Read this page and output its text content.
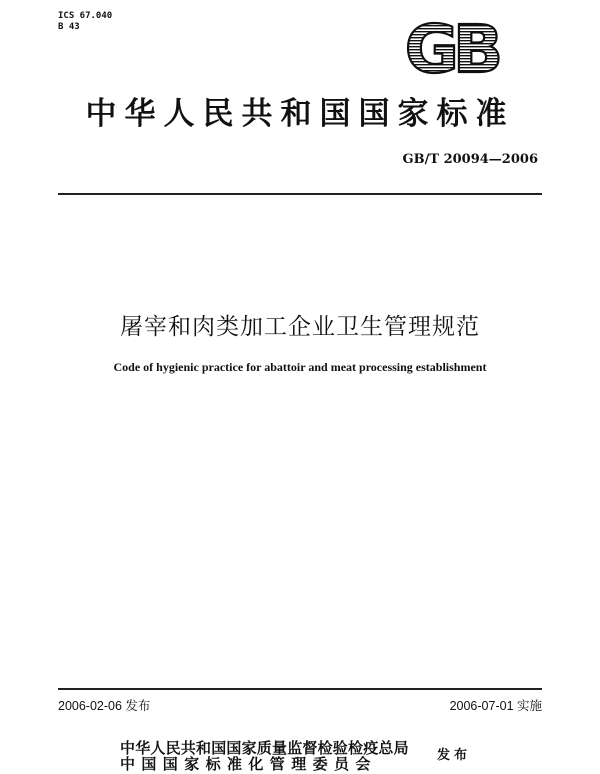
ICS 67.040
B 43	GB
中华人民共和国国家标准
GB/T 20094—2006
屠宰和肉类加工企业卫生管理规范
Code of hygienic practice for abattoir and meat processing establishment
2006-02-06 发布	2006-07-01 实施
中华人民共和国国家质量监督检验检疫总局
中国国家标准化管理委员会	发布
